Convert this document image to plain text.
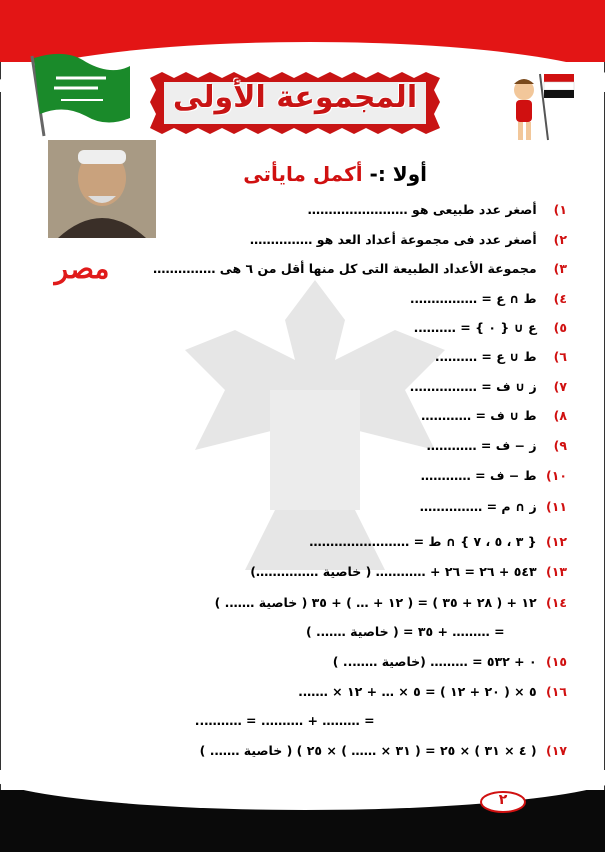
المجموعة الأولى
مصر
أولا :- أكمل مايأتى
١) أصغر عدد طبيعى هو ……………………
٢) أصغر عدد فى مجموعة أعداد العد هو ……………
٣) مجموعة الأعداد الطبيعة التى كل منها أقل من ٦ هى ……………
٤) ط ∩ ع = …………….
٥) ع ∪ { ٠ } = ……….
٦) ط ∪ ع = ……….
٧) ز ∪ ف = …………….
٨) ط ∪ ف = …………
٩) ز − ف = …………
١٠) ط − ف = …………
١١) ز ∩ م = ……………
١٢) { ٣ ، ٥ ، ٧ } ∩ ط = ……………………
١٣) ٥٤٣ + ٢٦ = ٢٦ + ………… ( خاصية ……………)
١٤) ١٢ + ( ٢٨ + ٣٥ ) = ( ١٢ + … ) + ٣٥ ( خاصية ……. )
= ……… + ٣٥ = ( خاصية ……. )
١٥) ٠ + ٥٣٢ = ……… (خاصية …….. )
١٦) ٥ × ( ٢٠ + ١٢ ) = ٥ × … + ١٢ × …….
= ……… + ………. = ………..
١٧) ( ٤ × ٣١ ) × ٢٥ = ( ٣١ × …… ) × ٢٥ ) ( خاصية ……. )
٢
